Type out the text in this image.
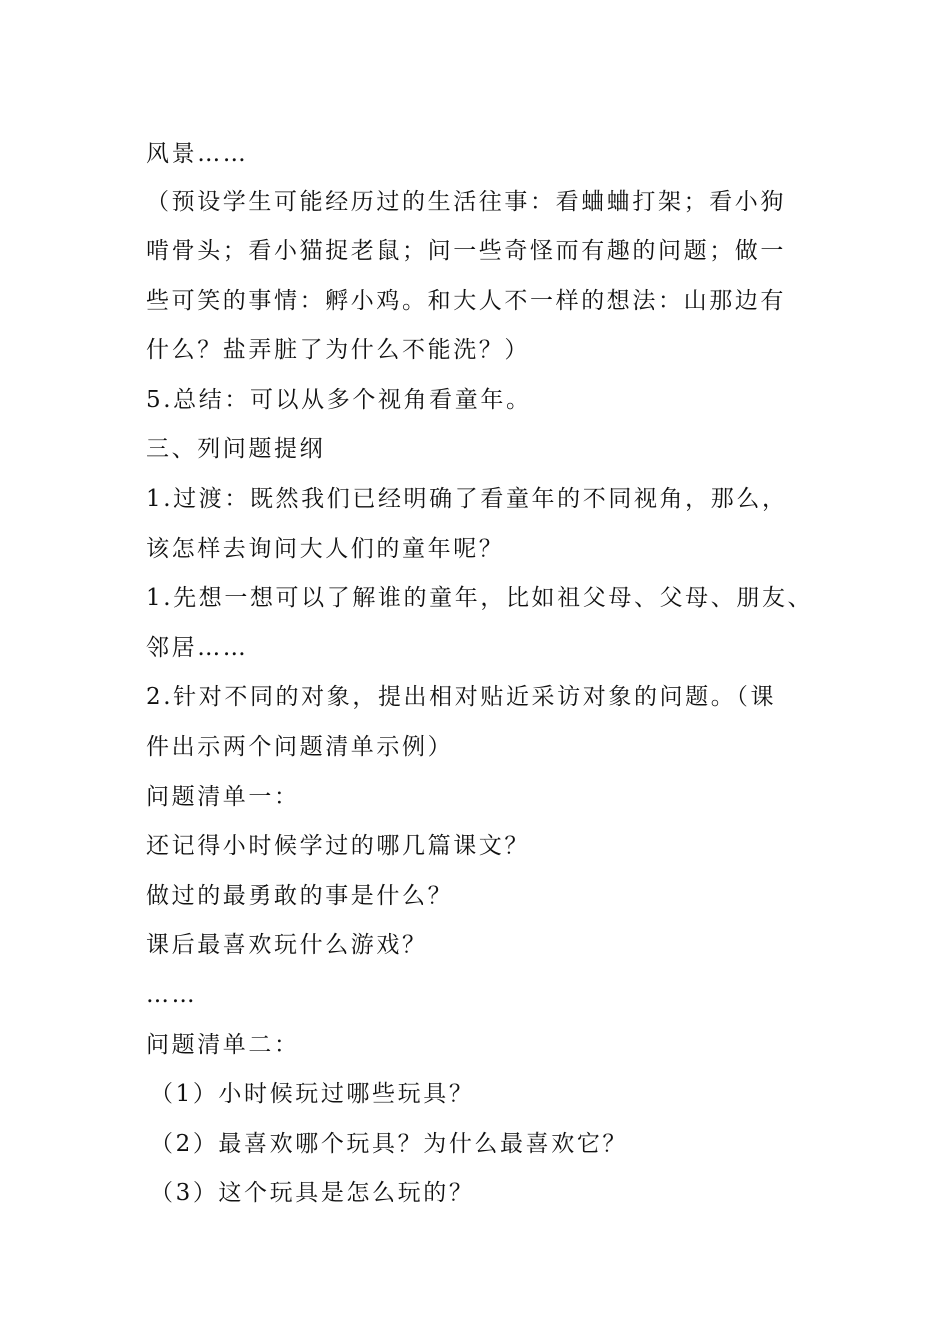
风景……
（预设学生可能经历过的生活往事：看蛐蛐打架；看小狗
啃骨头；看小猫捉老鼠；问一些奇怪而有趣的问题；做一
些可笑的事情：孵小鸡。和大人不一样的想法：山那边有
什么？盐弄脏了为什么不能洗？）
5.总结：可以从多个视角看童年。
三、列问题提纲
1.过渡：既然我们已经明确了看童年的不同视角，那么，
该怎样去询问大人们的童年呢？
1.先想一想可以了解谁的童年，比如祖父母、父母、朋友、
邻居……
2.针对不同的对象，提出相对贴近采访对象的问题。（课
件出示两个问题清单示例）
问题清单一：
还记得小时候学过的哪几篇课文？
做过的最勇敢的事是什么？
课后最喜欢玩什么游戏？
……
问题清单二：
（1）小时候玩过哪些玩具？
（2）最喜欢哪个玩具？为什么最喜欢它？
（3）这个玩具是怎么玩的？
